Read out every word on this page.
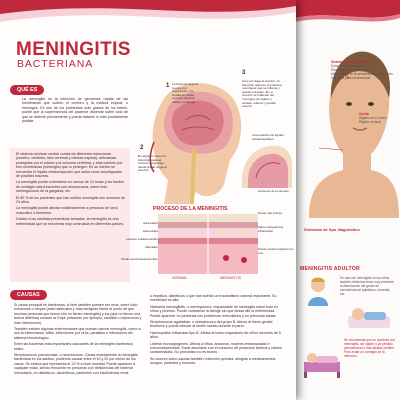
Sistema nervioso central
Dolor de cabeza severo
Elevación del pulso mental
Alteraciones de la sensibilidad y percepción
Dificultad para movimientos
Cuello
Rigidez en el cuello
Rigidez vertical
Síntomas de tipo diagnóstico
MENINGITIS ADULTOR
En caso de meningitis en los niños, también debemos tener muy presente la disminución del grado de consciencia de quietismo, necesita, etc.
Se recomienda que un paciente con meningitis, sin rigidez y ya perdido, permanezca lo más aislado posible. Para evitar un contagio de la infección.
MENINGITIS
BACTERIANA
QUÉ ES
La meningitis es la infección de gérmenes rápida de las membranas que cubren el cerebro y la médula espinal, o meninges. Es uno de los problemas más graves de los bebés, puede que la supervivencia del paciente depende sobre todo de que se detecte precozmente y pueda tratarse lo más prontamente posible.
El sistema nervioso central consta de diferentes estructuras (cerebro, cerebelo, tallo cerebral y médula espinal), articuladas protegidas por el cráneo y la columna vertebral, y está cubierto por tres membranas (meninges) que lo protegen. En su interior se encuentra el líquido cefalorraquídeo que actúa como amortiguador de posibles traumas.
La meningitis puede extenderse en menos de 24 horas y los bordes de contagio más frecuentes son neumococos, sobre todo, meningococos de Ia garganta, etc.
El 80 % de los pacientes que han sufrido meningitis son menores de 24 años.
La meningitis puede afectar indistintamente a personas de sexo masculino o femenino.
Debido a las medidas preventivas tomadas, la meningitis es una enfermedad que se encuentra muy controlada en diferentes países.
1 La bacteria llega al cuerpo por respiración y se instala en áreas como la mucosa nasal y la laringe.
2
En algunos casos la infección pasa al torrente sanguíneo desde donde llega al cerebro.
3
Una vez llega al cerebro, la infección ataca la membrana meningeal que se inflama y queda el líquido. En el cerebro se inflaman las meninges de tejidos y células, edema y posible muerte.
Acumulación de líquido cefalorraquídeo
Aumento de la presión
PROCESO DE LA MENINGITIS
duramadre
aracnoides
espacio subaracnoideo
piamadre
Fluido cerebroespinal claro
Hueso del cráneo
Vasos sanguíneos inflamados
Fluido cerebroespinal con pus
NORMAL	MENINGITIS
CAUSAS
Si causa principal es bacteriana, si bien también pueden ser virus, sobre todo enfuenzas o herpes (más habituales y más benignas frente al punto de que muchas personas que tienen ello no tienen meningitis) y los (que no tienen una buena defensa) crearán la Gripe (infección por ejemplo, cándida o criptococos y más infecciones).
También existen algunas enfermedades que pueden causar meningitis, como lo son la tuberculosis, sífilis, infecciones por virus, parásitos e infecciones del sistema inmunológico.
Entre las bacterias más importantes causantes de la meningitis bacteriana están:
Streptococcus pneumoniae, o neumococos. Causa exactamente la meningitis bacteriana en los adultos, pudiendo causar entre el 10 y 20 por ciento de los casos. Se estima que representa el 13 % a nivel mundial. Puede aparecer a cualquier edad, siendo frecuente en personas con deficiencias del sistema inmunitario, en diabéticos, alcohólicos, pacientes con insuficiencia renal.
o hepática, diabéticos o que han sufrido un traumatismo craneal importante. Su mortalidad es alta.
Neisseria meningitidis, o meningococo, responsable de meningitis sobre todo en niños y jóvenes. Puede contraerse la faringe sin que desarrolle la enfermedad. Puede aparecer en personas con problemas inmunitarios y en personas sanas.
Streptococcus agalactiae, o estreptococo del grupo B. Afecta al tracto genital femenino y puede infectar al recién nacido durante el parto.
Haemophilus influenzae tipo B. Afecta al tracto respiratorio de niños menores de 5 años.
Listeria monocytogenes. Afecta a niños, ancianos, mujeres embarazadas e inmunodeprimidos. Suele asociarse con el consumo de productos lácteos y carnes contaminados. Su pronóstico no es bueno.
Se ocurren como causas también: infección química, alergias a medicamentos, hongos, parásitos y tumores.
